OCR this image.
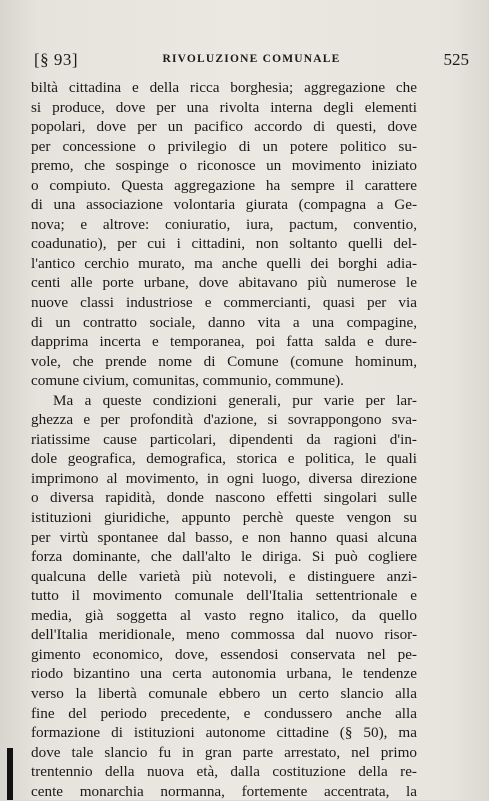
[§ 93]	RIVOLUZIONE COMUNALE	525
biltà cittadina e della ricca borghesia; aggregazione che
si produce, dove per una rivolta interna degli elementi
popolari, dove per un pacifico accordo di questi, dove
per concessione o privilegio di un potere politico su-
premo, che sospinge o riconosce un movimento iniziato
o compiuto. Questa aggregazione ha sempre il carattere
di una associazione volontaria giurata (compagna a Ge-
nova; e altrove: coniuratio, iura, pactum, conventio,
coadunatio), per cui i cittadini, non soltanto quelli del-
l'antico cerchio murato, ma anche quelli dei borghi adia-
centi alle porte urbane, dove abitavano più numerose le
nuove classi industriose e commercianti, quasi per via
di un contratto sociale, danno vita a una compagine,
dapprima incerta e temporanea, poi fatta salda e dure-
vole, che prende nome di Comune (comune hominum,
comune civium, comunitas, communio, commune).
Ma a queste condizioni generali, pur varie per lar-
ghezza e per profondità d'azione, si sovrappongono sva-
riatissime cause particolari, dipendenti da ragioni d'in-
dole geografica, demografica, storica e politica, le quali
imprimono al movimento, in ogni luogo, diversa direzione
o diversa rapidità, donde nascono effetti singolari sulle
istituzioni giuridiche, appunto perchè queste vengon su
per virtù spontanee dal basso, e non hanno quasi alcuna
forza dominante, che dall'alto le diriga. Si può cogliere
qualcuna delle varietà più notevoli, e distinguere anzi-
tutto il movimento comunale dell'Italia settentrionale e
media, già soggetta al vasto regno italico, da quello
dell'Italia meridionale, meno commossa dal nuovo risor-
gimento economico, dove, essendosi conservata nel pe-
riodo bizantino una certa autonomia urbana, le tendenze
verso la libertà comunale ebbero un certo slancio alla
fine del periodo precedente, e condussero anche alla
formazione di istituzioni autonome cittadine (§ 50), ma
dove tale slancio fu in gran parte arrestato, nel primo
trentennio della nuova età, dalla costituzione della re-
cente monarchia normanna, fortemente accentrata, la
